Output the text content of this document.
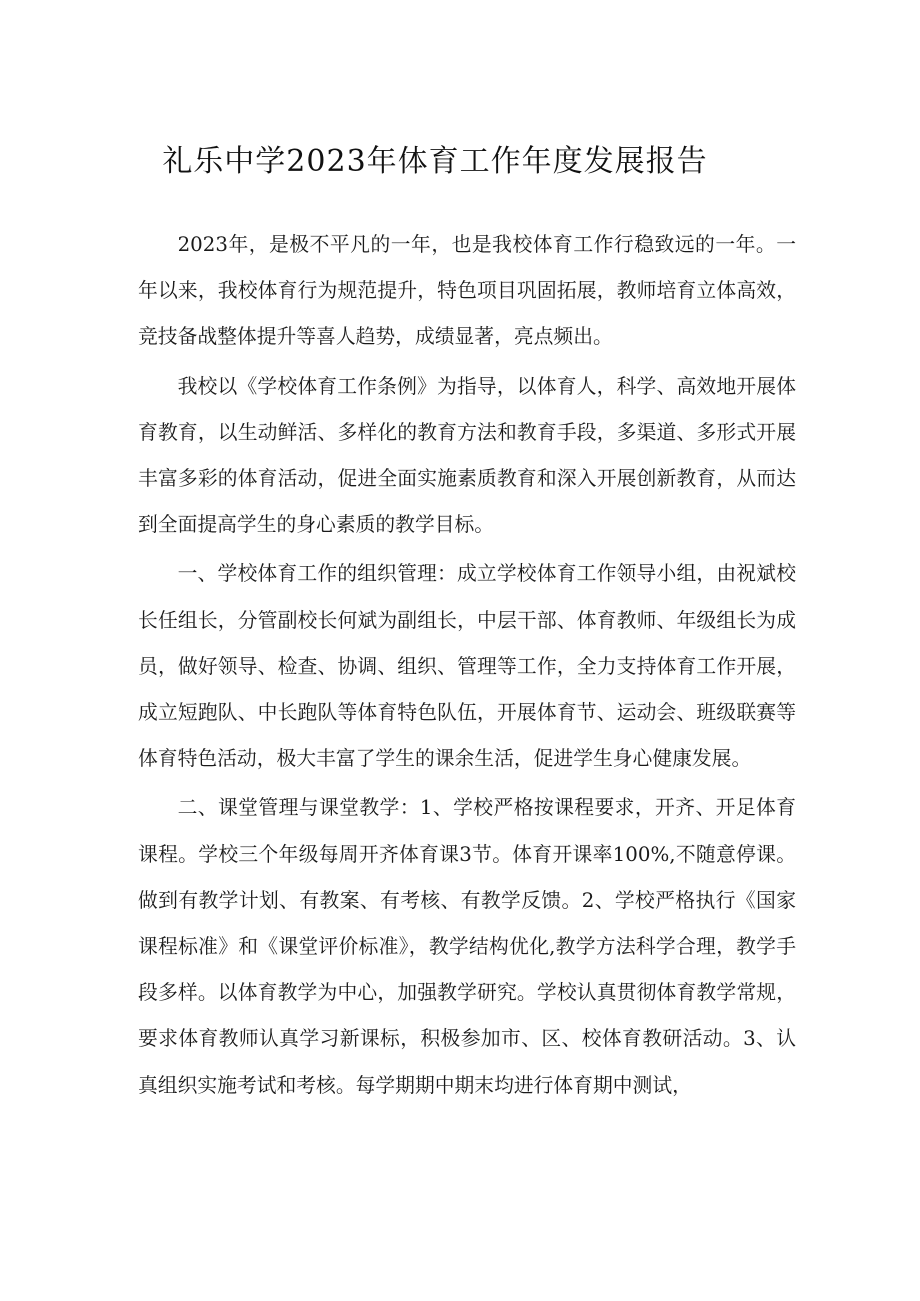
礼乐中学2023年体育工作年度发展报告

2023年，是极不平凡的一年，也是我校体育工作行稳致远的一年。一年以来，我校体育行为规范提升，特色项目巩固拓展，教师培育立体高效，竞技备战整体提升等喜人趋势，成绩显著，亮点频出。

我校以《学校体育工作条例》为指导，以体育人，科学、高效地开展体育教育，以生动鲜活、多样化的教育方法和教育手段，多渠道、多形式开展丰富多彩的体育活动，促进全面实施素质教育和深入开展创新教育，从而达到全面提高学生的身心素质的教学目标。

一、学校体育工作的组织管理：成立学校体育工作领导小组，由祝斌校长任组长，分管副校长何斌为副组长，中层干部、体育教师、年级组长为成员，做好领导、检查、协调、组织、管理等工作，全力支持体育工作开展，成立短跑队、中长跑队等体育特色队伍，开展体育节、运动会、班级联赛等体育特色活动，极大丰富了学生的课余生活，促进学生身心健康发展。

二、课堂管理与课堂教学：1、学校严格按课程要求，开齐、开足体育课程。学校三个年级每周开齐体育课3节。体育开课率100%,不随意停课。做到有教学计划、有教案、有考核、有教学反馈。2、学校严格执行《国家课程标准》和《课堂评价标准》，教学结构优化,教学方法科学合理，教学手段多样。以体育教学为中心，加强教学研究。学校认真贯彻体育教学常规，要求体育教师认真学习新课标，积极参加市、区、校体育教研活动。3、认真组织实施考试和考核。每学期期中期末均进行体育期中测试，
